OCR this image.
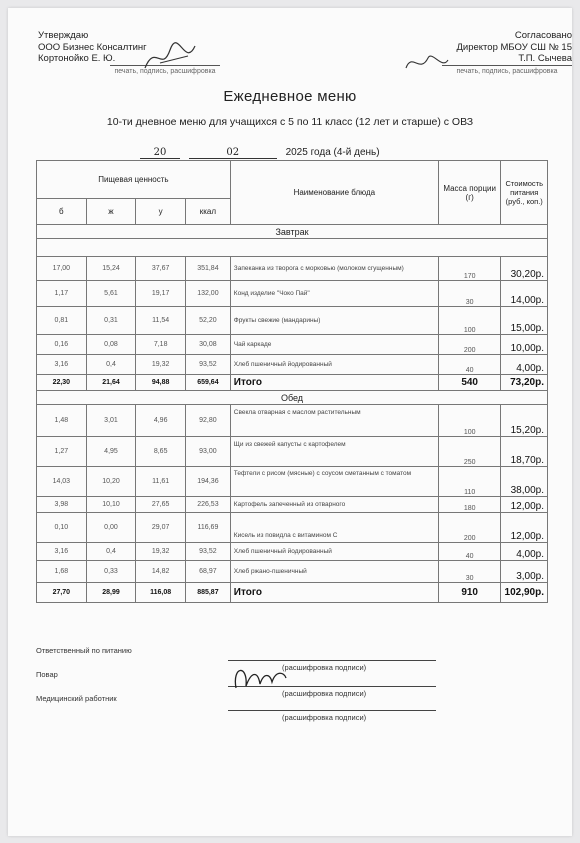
Утверждаю
ООО Бизнес Консалтинг
Кортонойко Е. Ю.
печать, подпись, расшифровка
Согласовано
Директор МБОУ СШ № 15
Т.П. Сычева
печать, подпись, расшифровка
Ежедневное меню
10-ти дневное меню для учащихся с 5 по 11 класс (12 лет и старше) с ОВЗ
20	02	2025 года (4-й день)
Пищевая ценность				Наименование блюда	Масса порции (г)	Стоимость питания (руб., коп.)
б	ж	у	ккал			
Завтрак						

17,00	15,24	37,67	351,84	Запеканка из творога с морковью (молоком сгущенным)	170	30,20р.
1,17	5,61	19,17	132,00	Конд изделие "Чоко Пай"	30	14,00р.
0,81	0,31	11,54	52,20	Фрукты свежие (мандарины)	100	15,00р.
0,16	0,08	7,18	30,08	Чай каркаде	200	10,00р.
3,16	0,4	19,32	93,52	Хлеб пшеничный йодированный	40	4,00р.
22,30	21,64	94,88	659,64	Итого	540	73,20р.
Обед						
1,48	3,01	4,96	92,80	Свекла отварная с маслом растительным	100	15,20р.
1,27	4,95	8,65	93,00	Щи из свежей капусты с картофелем	250	18,70р.
14,03	10,20	11,61	194,36	Тефтели с рисом (мясные) с соусом сметанным с томатом	110	38,00р.
3,98	10,10	27,65	226,53	Картофель запеченный из отварного	180	12,00р.
0,10	0,00	29,07	116,69	Кисель из повидла с витамином С	200	12,00р.
3,16	0,4	19,32	93,52	Хлеб пшеничный йодированный	40	4,00р.
1,68	0,33	14,82	68,97	Хлеб ржано-пшеничный	30	3,00р.
27,70	28,99	116,08	885,87	Итого	910	102,90р.
Ответственный по питанию
Повар
Медицинский работник
(расшифровка подписи)
(расшифровка подписи)
(расшифровка подписи)
